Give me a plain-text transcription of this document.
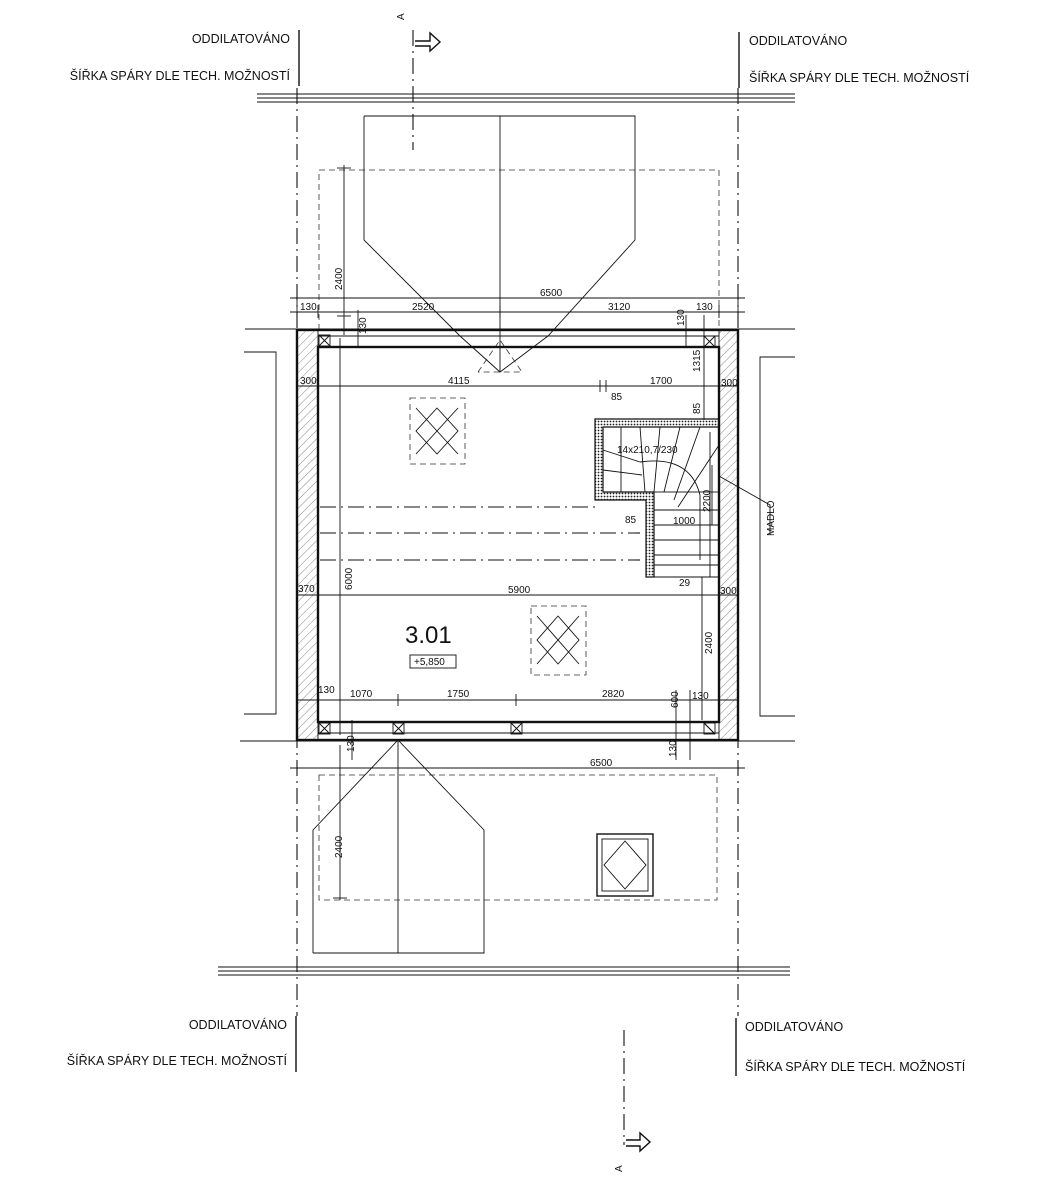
ODDILATOVÁNO
ŠÍŘKA SPÁRY DLE TECH. MOŽNOSTÍ
ODDILATOVÁNO
ŠÍŘKA SPÁRY DLE TECH. MOŽNOSTÍ
ODDILATOVÁNO
ŠÍŘKA SPÁRY DLE TECH. MOŽNOSTÍ
ODDILATOVÁNO
ŠÍŘKA SPÁRY DLE TECH. MOŽNOSTÍ
A
A
14x210,7/230
MADLO
6500
130	2520	3120	130
2400
130	130
300	4115	1700	300
1315
85
85
85
2200
1000
29
6000
370	5900	300
2400
130 1070	1750	2820	600 130
130	130
6500
2400
3.01
+5,850
